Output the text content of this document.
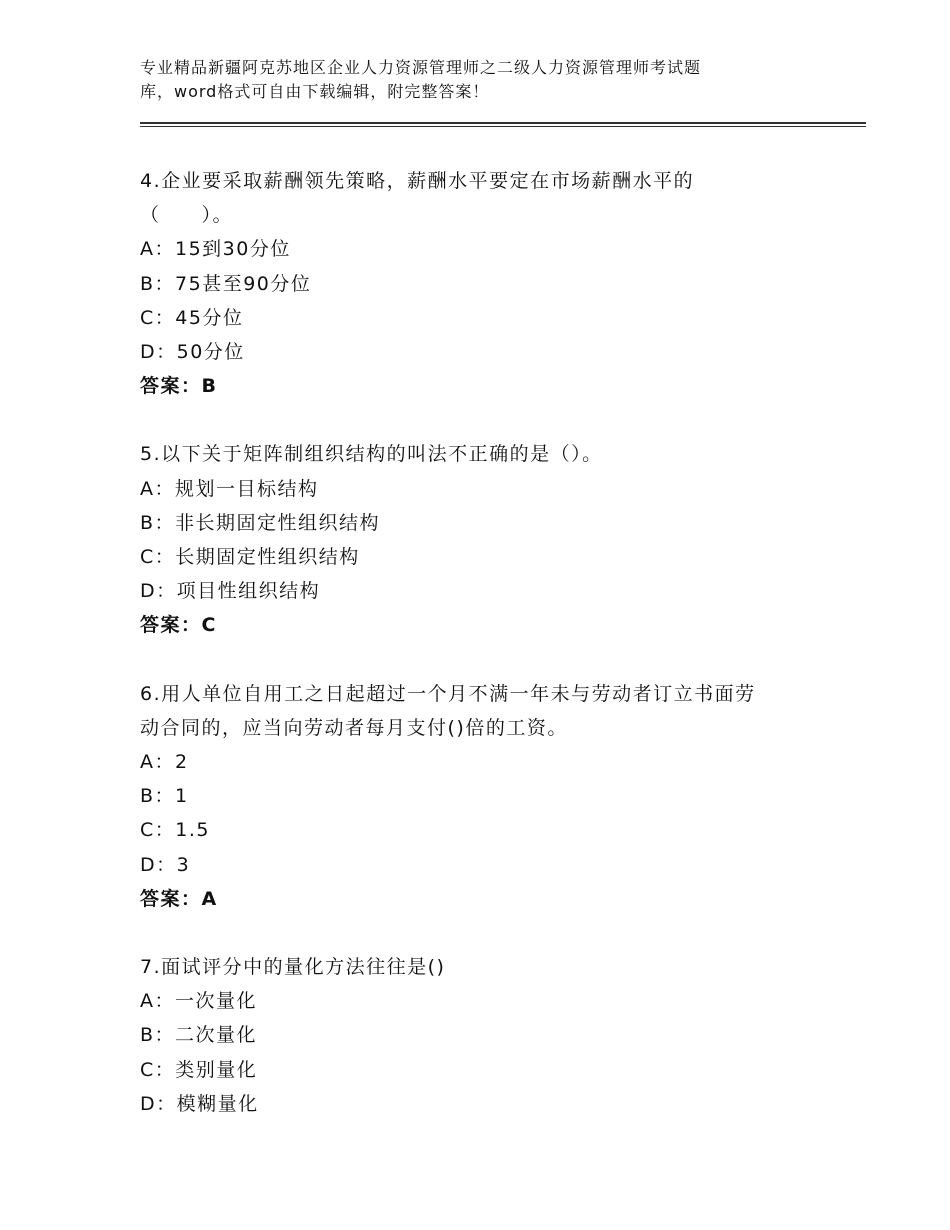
专业精品新疆阿克苏地区企业人力资源管理师之二级人力资源管理师考试题
库，word格式可自由下载编辑，附完整答案！
4.企业要采取薪酬领先策略，薪酬水平要定在市场薪酬水平的
（　　）。
A：15到30分位
B：75甚至90分位
C：45分位
D：50分位
答案：B
5.以下关于矩阵制组织结构的叫法不正确的是（）。
A：规划一目标结构
B：非长期固定性组织结构
C：长期固定性组织结构
D：项目性组织结构
答案：C
6.用人单位自用工之日起超过一个月不满一年未与劳动者订立书面劳
动合同的，应当向劳动者每月支付()倍的工资。
A：2
B：1
C：1.5
D：3
答案：A
7.面试评分中的量化方法往往是()
A：一次量化
B：二次量化
C：类别量化
D：模糊量化
